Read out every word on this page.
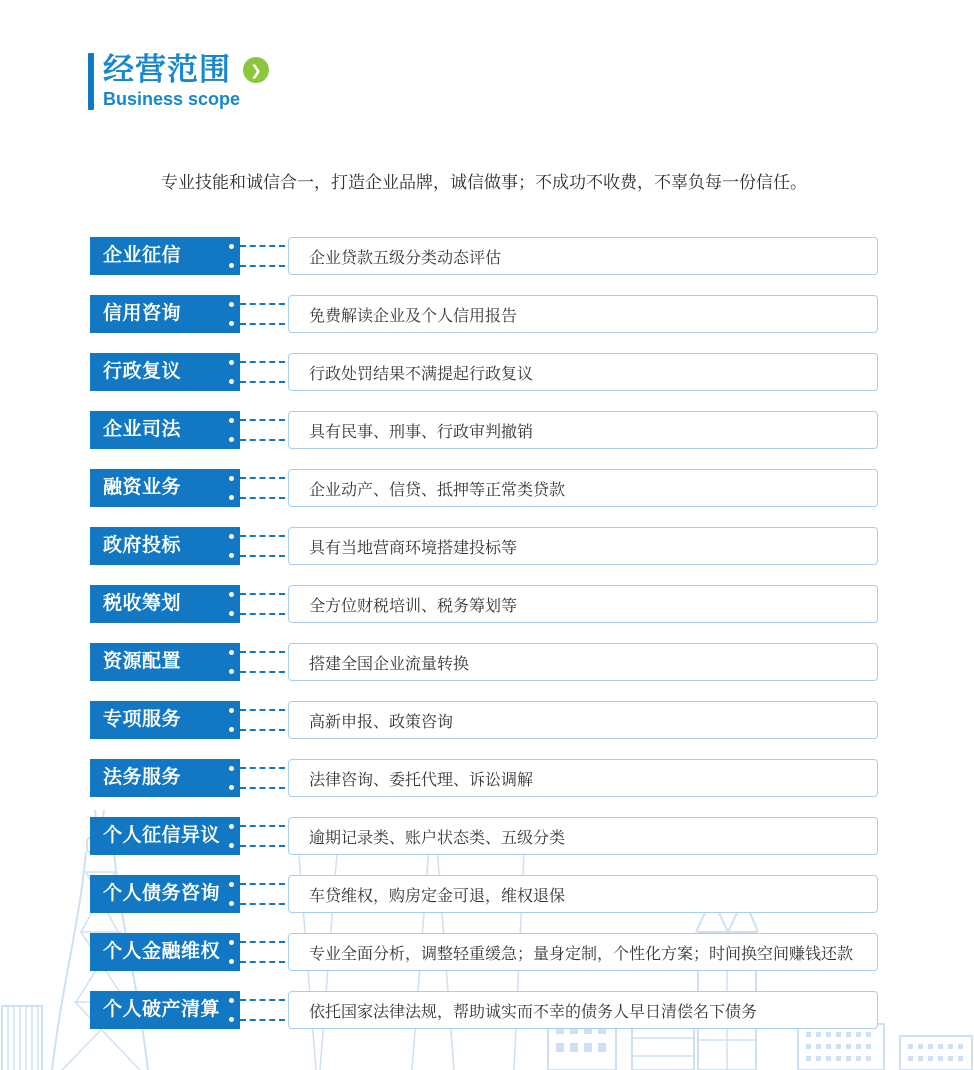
经营范围 ❯
Business scope
专业技能和诚信合一，打造企业品牌，诚信做事；不成功不收费，不辜负每一份信任。
企业征信	企业贷款五级分类动态评估
信用咨询	免费解读企业及个人信用报告
行政复议	行政处罚结果不满提起行政复议
企业司法	具有民事、刑事、行政审判撤销
融资业务	企业动产、信贷、抵押等正常类贷款
政府投标	具有当地营商环境搭建投标等
税收筹划	全方位财税培训、税务筹划等
资源配置	搭建全国企业流量转换
专项服务	高新申报、政策咨询
法务服务	法律咨询、委托代理、诉讼调解
个人征信异议	逾期记录类、账户状态类、五级分类
个人债务咨询	车贷维权，购房定金可退，维权退保
个人金融维权	专业全面分析，调整轻重缓急；量身定制，个性化方案；时间换空间赚钱还款
个人破产清算	依托国家法律法规，帮助诚实而不幸的债务人早日清偿名下债务
